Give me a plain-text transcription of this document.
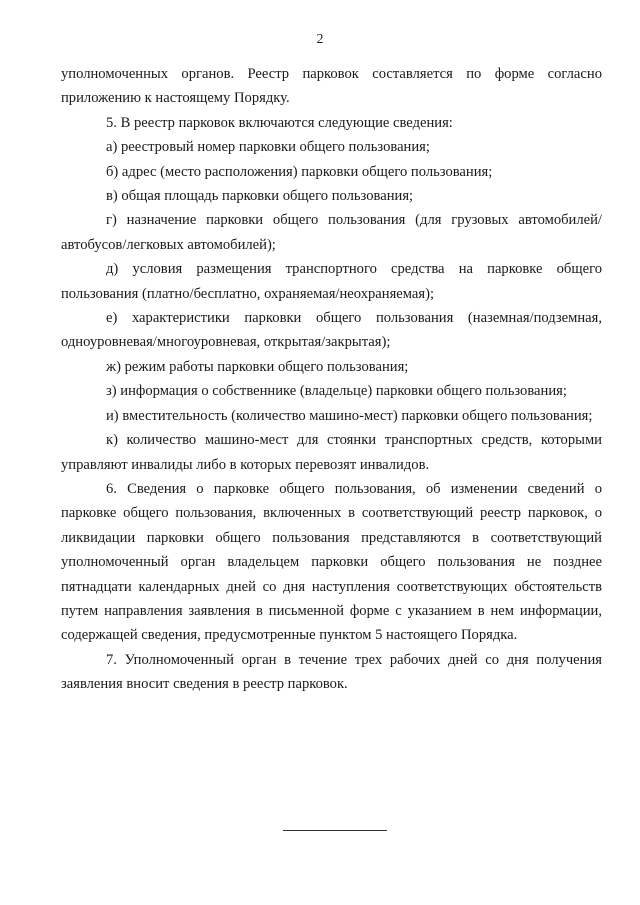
2

уполномоченных органов. Реестр парковок составляется по форме согласно приложению к настоящему Порядку.

5. В реестр парковок включаются следующие сведения:

а) реестровый номер парковки общего пользования;

б) адрес (место расположения) парковки общего пользования;

в) общая площадь парковки общего пользования;

г) назначение парковки общего пользования (для грузовых автомобилей/автобусов/легковых автомобилей);

д) условия размещения транспортного средства на парковке общего пользования (платно/бесплатно, охраняемая/неохраняемая);

е) характеристики парковки общего пользования (наземная/подземная, одноуровневая/многоуровневая, открытая/закрытая);

ж) режим работы парковки общего пользования;

з) информация о собственнике (владельце) парковки общего пользования;

и) вместительность (количество машино-мест) парковки общего пользования;

к) количество машино-мест для стоянки транспортных средств, которыми управляют инвалиды либо в которых перевозят инвалидов.

6. Сведения о парковке общего пользования, об изменении сведений о парковке общего пользования, включенных в соответствующий реестр парковок, о ликвидации парковки общего пользования представляются в соответствующий уполномоченный орган владельцем парковки общего пользования не позднее пятнадцати календарных дней со дня наступления соответствующих обстоятельств путем направления заявления в письменной форме с указанием в нем информации, содержащей сведения, предусмотренные пунктом 5 настоящего Порядка.

7. Уполномоченный орган в течение трех рабочих дней со дня получения заявления вносит сведения в реестр парковок.
